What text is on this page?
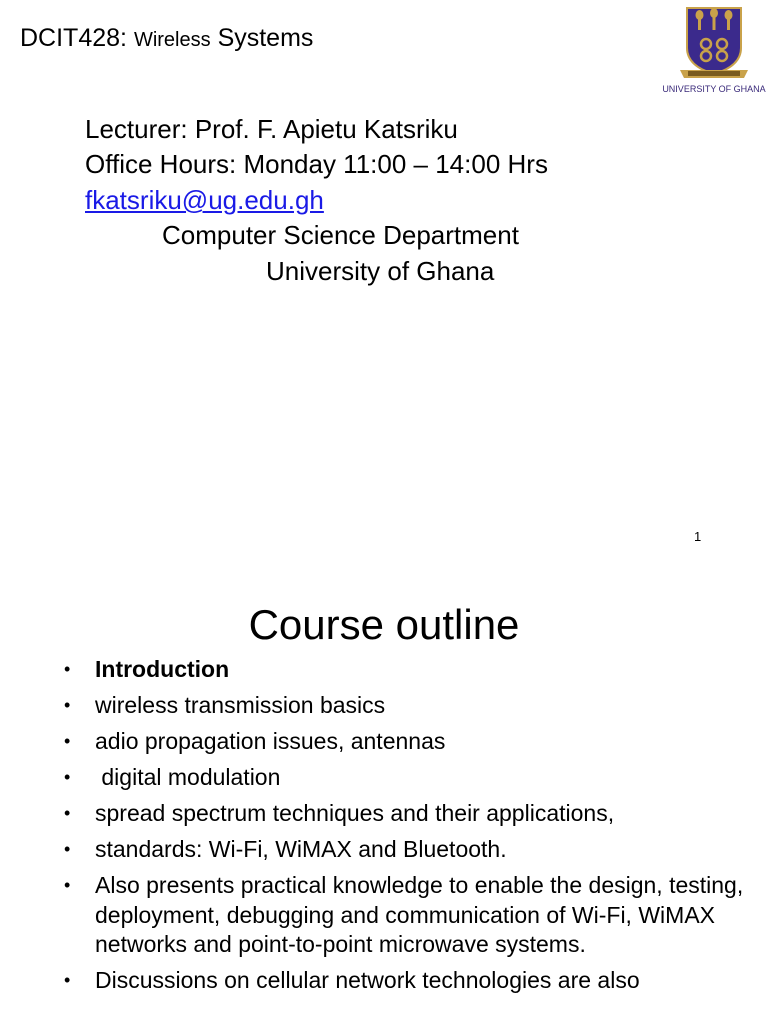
DCIT428: Wireless Systems
UNIVERSITY OF GHANA
Lecturer: Prof. F. Apietu Katsriku
Office Hours: Monday 11:00 – 14:00 Hrs
fkatsriku@ug.edu.gh
Computer Science Department
University of Ghana
1
Course outline
• Introduction
• wireless transmission basics
• adio propagation issues, antennas
• digital modulation
• spread spectrum techniques and their applications,
• standards: Wi-Fi, WiMAX and Bluetooth.
• Also presents practical knowledge to enable the design, testing, deployment, debugging and communication of Wi-Fi, WiMAX networks and point-to-point microwave systems.
• Discussions on cellular network technologies are also
